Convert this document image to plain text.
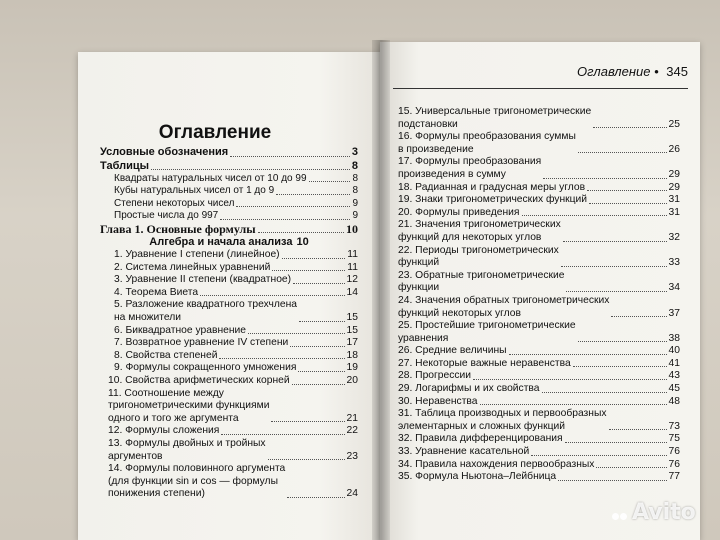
Оглавление
Оглавление • 345
Условные обозначения	3
Таблицы	8
Квадраты натуральных чисел от 10 до 99	8
Кубы натуральных чисел от 1 до 9	8
Степени некоторых чисел	9
Простые числа до 997	9
Глава 1. Основные формулы	10
Алгебра и начала анализа 10
1. Уравнение I степени (линейное)	11
2. Система линейных уравнений	11
3. Уравнение II степени (квадратное)	12
4. Теорема Виета	14
5. Разложение квадратного трехчлена
на множители	15
6. Биквадратное уравнение	15
7. Возвратное уравнение IV степени	17
8. Свойства степеней	18
9. Формулы сокращенного умножения	19
10. Свойства арифметических корней	20
11. Соотношение между
тригонометрическими функциями
одного и того же аргумента	21
12. Формулы сложения	22
13. Формулы двойных и тройных
аргументов	23
14. Формулы половинного аргумента
(для функции sin и cos — формулы
понижения степени)	24
15. Универсальные тригонометрические
подстановки	25
16. Формулы преобразования суммы
в произведение	26
17. Формулы преобразования
произведения в сумму	29
18. Радианная и градусная меры углов	29
19. Знаки тригонометрических функций	31
20. Формулы приведения	31
21. Значения тригонометрических
функций для некоторых углов	32
22. Периоды тригонометрических
функций	33
23. Обратные тригонометрические
функции	34
24. Значения обратных тригонометрических
функций некоторых углов	37
25. Простейшие тригонометрические
уравнения	38
26. Средние величины	40
27. Некоторые важные неравенства	41
28. Прогрессии	43
29. Логарифмы и их свойства	45
30. Неравенства	48
31. Таблица производных и первообразных
элементарных и сложных функций	73
32. Правила дифференцирования	75
33. Уравнение касательной	76
34. Правила нахождения первообразных	76
35. Формула Ньютона–Лейбница	77
Avito
